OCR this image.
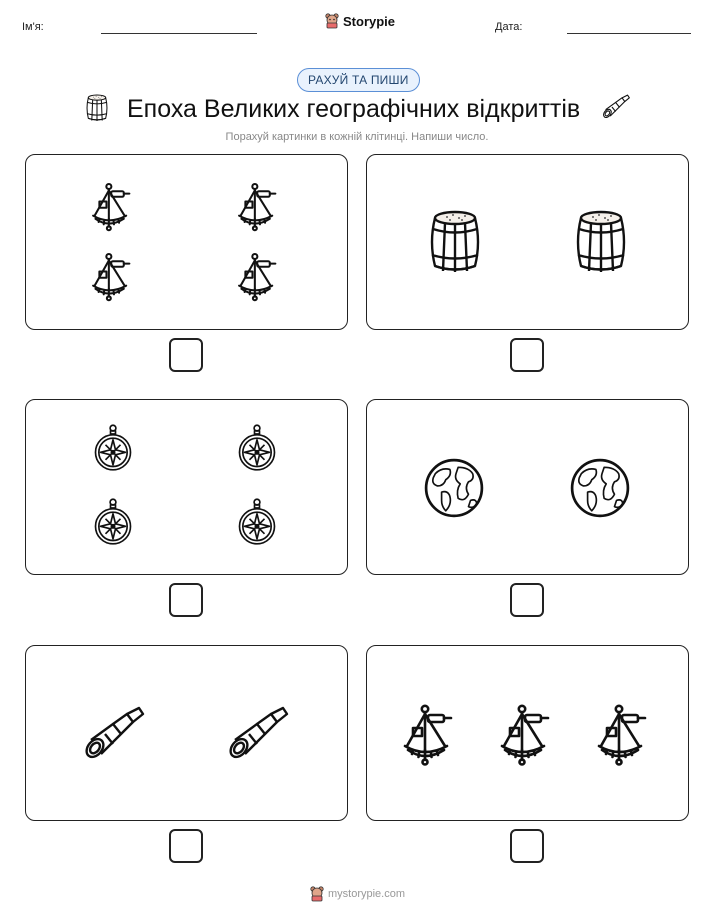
Ім'я:	Storypie	Дата:
РАХУЙ ТА ПИШИ
Епоха Великих географічних відкриттів
Порахуй картинки в кожній клітинці. Напиши число.
mystorypie.com
